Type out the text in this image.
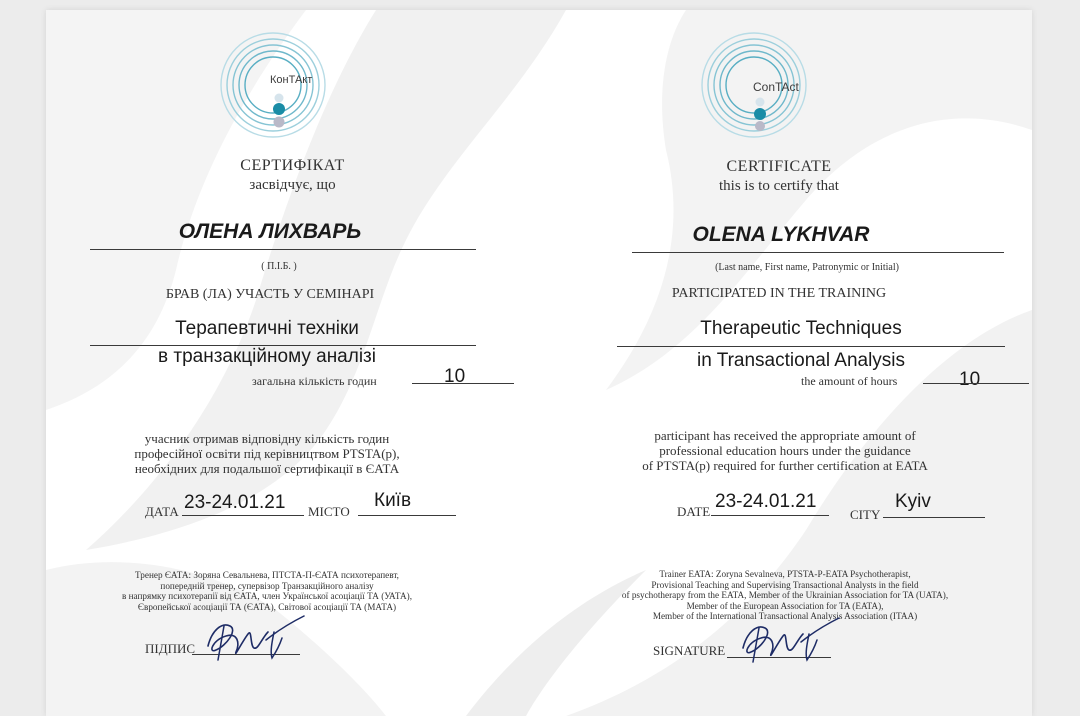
КонТАкт
СЕРТИФІКАТ
засвідчує, що
ОЛЕНА ЛИХВАРЬ
( П.І.Б. )
БРАВ (ЛА) УЧАСТЬ У СЕМІНАРІ
Терапевтичні техніки
в транзакційному аналізі
загальна кількість годин	10
учасник отримав відповідну кількість годин
професійної освіти під керівництвом PTSTA(р),
необхідних для подальшої сертифікації в ЄАТА
ДАТА 23-24.01.21 МІСТО
Київ
Тренер ЄАТА: Зоряна Севальнева, ПТСТА-П-ЄАТА психотерапевт,
попередній тренер, супервізор Транзакційного аналізу
в напрямку психотерапії від ЄАТА, член Української асоціації ТА (УАТА),
Європейської асоціації ТА (ЄАТА), Світової асоціації ТА (МАТА)
ПІДПИС
ConTAct
CERTIFICATE
this is to certify that
OLENA LYKHVAR
(Last name, First name, Patronymic or Initial)
PARTICIPATED IN THE TRAINING
Therapeutic Techniques
in Transactional Analysis
the amount of hours	10
participant has received the appropriate amount of
professional education hours under the guidance
of PTSTA(p) required for further certification at EATA
DATE 23-24.01.21
CITY
Kyiv
Trainer EATA: Zoryna Sevalneva, PTSTA-P-EATA Psychotherapist,
Provisional Teaching and Supervising Transactional Analysts in the field
of psychotherapy from the EATA, Member of the Ukrainian Association for TA (UATA),
Member of the European Association for TA (EATA),
Member of the International Transactional Analysis Association (ITAA)
SIGNATURE
